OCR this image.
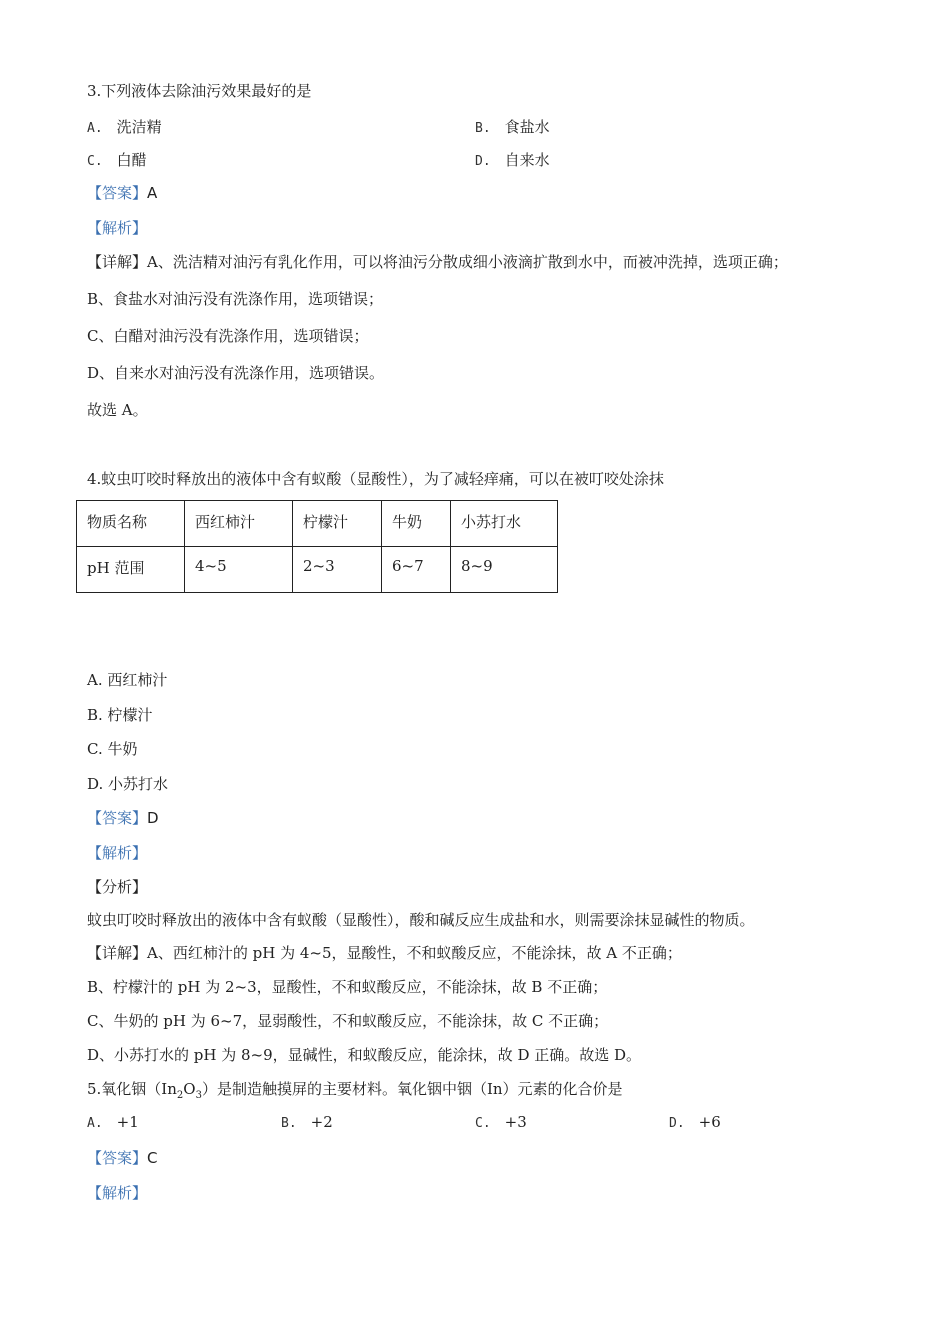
3.下列液体去除油污效果最好的是
A. 洗洁精	B. 食盐水
C. 白醋	D. 自来水
【答案】A
【解析】
【详解】A、洗洁精对油污有乳化作用，可以将油污分散成细小液滴扩散到水中，而被冲洗掉，选项正确；
B、食盐水对油污没有洗涤作用，选项错误；
C、白醋对油污没有洗涤作用，选项错误；
D、自来水对油污没有洗涤作用，选项错误。
故选 A。
4.蚊虫叮咬时释放出的液体中含有蚁酸（显酸性），为了减轻痒痛，可以在被叮咬处涂抹
物质名称	西红柿汁	柠檬汁	牛奶	小苏打水
pH 范围	4~5	2~3	6~7	8~9
A. 西红柿汁
B. 柠檬汁
C. 牛奶
D. 小苏打水
【答案】D
【解析】
【分析】
蚊虫叮咬时释放出的液体中含有蚁酸（显酸性），酸和碱反应生成盐和水，则需要涂抹显碱性的物质。
【详解】A、西红柿汁的 pH 为 4~5，显酸性，不和蚁酸反应，不能涂抹，故 A 不正确；
B、柠檬汁的 pH 为 2~3，显酸性，不和蚁酸反应，不能涂抹，故 B 不正确；
C、牛奶的 pH 为 6~7，显弱酸性，不和蚁酸反应，不能涂抹，故 C 不正确；
D、小苏打水的 pH 为 8~9，显碱性，和蚁酸反应，能涂抹，故 D 正确。故选 D。
5.氧化铟$(In_2O_3)$是制造触摸屏的主要材料。氧化铟中铟（In）元素的化合价是
A. +1	B. +2	C. +3	D. +6
【答案】C
【解析】
